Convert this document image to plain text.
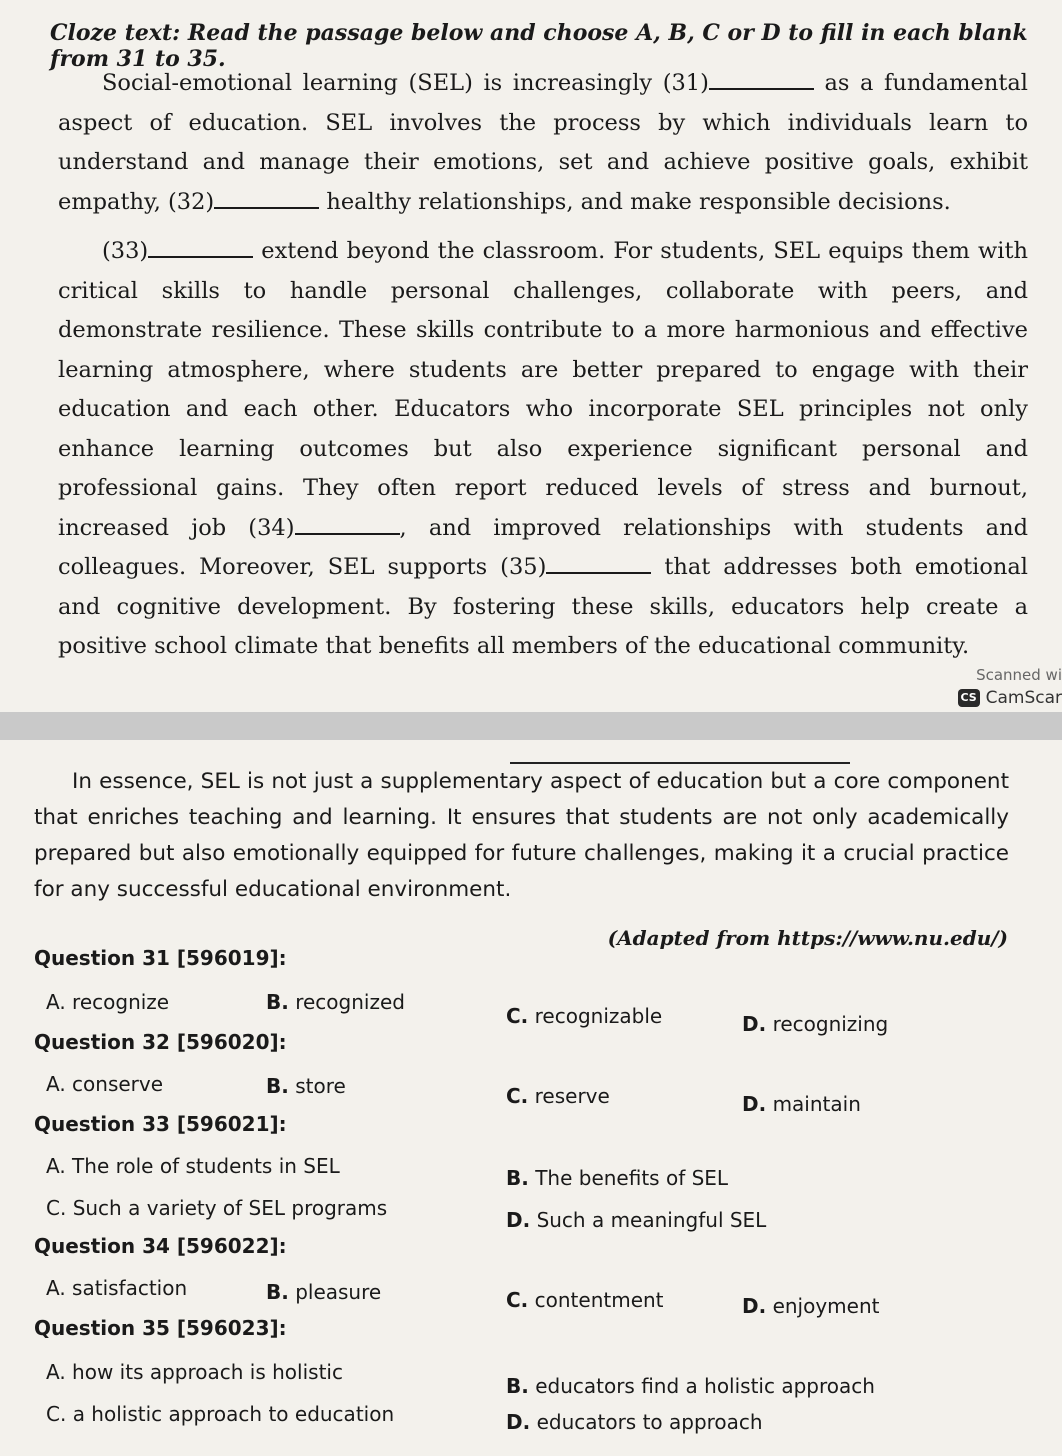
Cloze text: Read the passage below and choose A, B, C or D to fill in each blank from 31 to 35.
Social-emotional learning (SEL) is increasingly (31)	as a fundamental aspect of education. SEL involves the process by which individuals learn to understand and manage their emotions, set and achieve positive goals, exhibit empathy, (32)	healthy relationships, and make responsible decisions.
(33)	extend beyond the classroom. For students, SEL equips them with critical skills to handle personal challenges, collaborate with peers, and demonstrate resilience. These skills contribute to a more harmonious and effective learning atmosphere, where students are better prepared to engage with their education and each other. Educators who incorporate SEL principles not only enhance learning outcomes but also experience significant personal and professional gains. They often report reduced levels of stress and burnout, increased job (34)	, and improved relationships with students and colleagues. Moreover, SEL supports (35)	that addresses both emotional and cognitive development. By fostering these skills, educators help create a positive school climate that benefits all members of the educational community.
Scanned wi
CS CamScar
In essence, SEL is not just a supplementary aspect of education but a core component that enriches teaching and learning. It ensures that students are not only academically prepared but also emotionally equipped for future challenges, making it a crucial practice for any successful educational environment.
(Adapted from https://www.nu.edu/)
Question 31 [596019]:
A. recognize	B. recognized
C. recognizable	D. recognizing
Question 32 [596020]:
A. conserve	B. store	C. reserve	D. maintain
Question 33 [596021]:
A. The role of students in SEL	B. The benefits of SEL
C. Such a variety of SEL programs	D. Such a meaningful SEL
Question 34 [596022]:
A. satisfaction	B. pleasure	C. contentment	D. enjoyment
Question 35 [596023]:
A. how its approach is holistic
B. educators find a holistic approach
C. a holistic approach to education	D. educators to approach
